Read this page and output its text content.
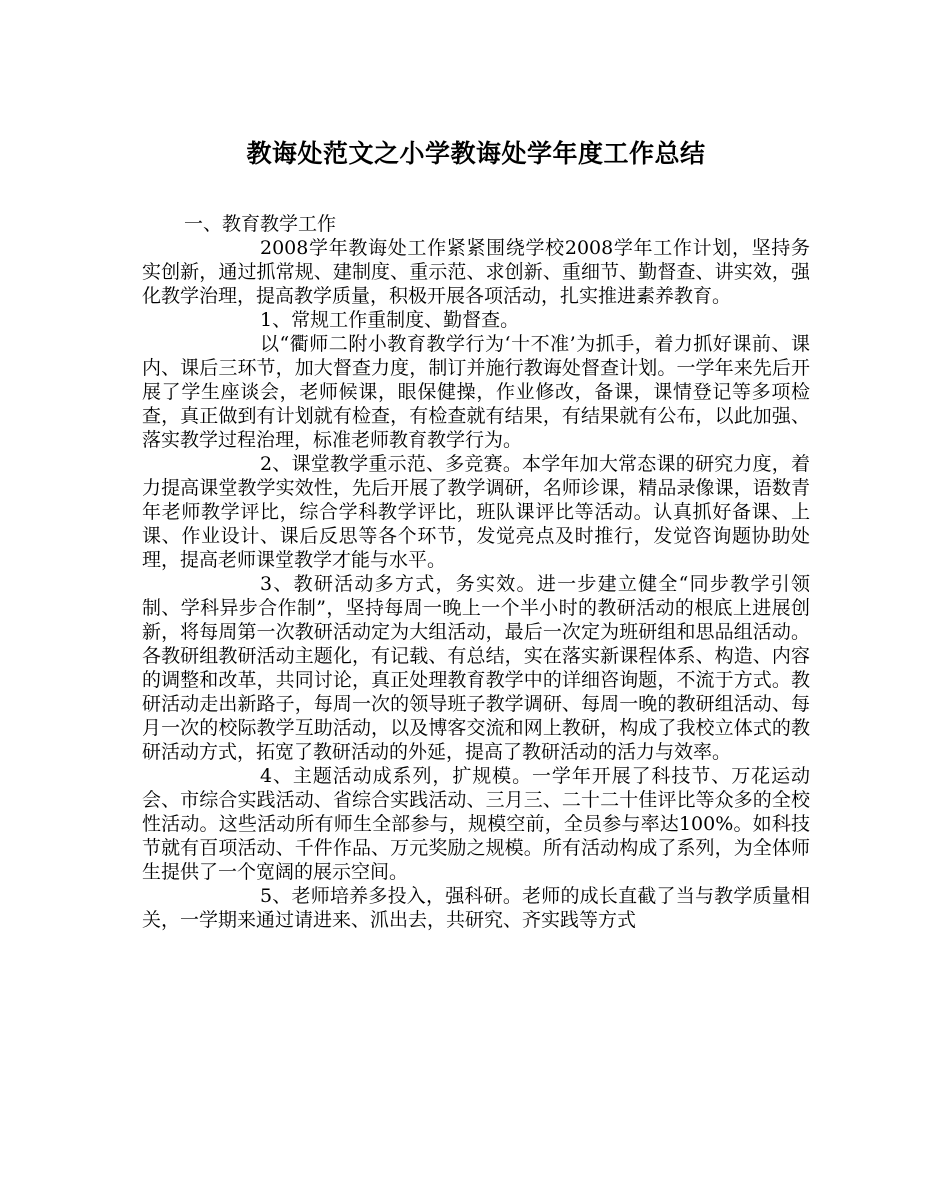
教诲处范文之小学教诲处学年度工作总结

一、教育教学工作

2008学年教诲处工作紧紧围绕学校2008学年工作计划，坚持务实创新，通过抓常规、建制度、重示范、求创新、重细节、勤督查、讲实效，强化教学治理，提高教学质量，积极开展各项活动，扎实推进素养教育。

1、常规工作重制度、勤督查。

以“衢师二附小教育教学行为‘十不准’为抓手，着力抓好课前、课内、课后三环节，加大督查力度，制订并施行教诲处督查计划。一学年来先后开展了学生座谈会，老师候课，眼保健操，作业修改，备课，课情登记等多项检查，真正做到有计划就有检查，有检查就有结果，有结果就有公布，以此加强、落实教学过程治理，标准老师教育教学行为。

2、课堂教学重示范、多竞赛。本学年加大常态课的研究力度，着力提高课堂教学实效性，先后开展了教学调研，名师诊课，精品录像课，语数青年老师教学评比，综合学科教学评比，班队课评比等活动。认真抓好备课、上课、作业设计、课后反思等各个环节，发觉亮点及时推行，发觉咨询题协助处理，提高老师课堂教学才能与水平。

3、教研活动多方式，务实效。进一步建立健全“同步教学引领制、学科异步合作制”，坚持每周一晚上一个半小时的教研活动的根底上进展创新，将每周第一次教研活动定为大组活动，最后一次定为班研组和思品组活动。各教研组教研活动主题化，有记载、有总结，实在落实新课程体系、构造、内容的调整和改革，共同讨论，真正处理教育教学中的详细咨询题，不流于方式。教研活动走出新路子，每周一次的领导班子教学调研、每周一晚的教研组活动、每月一次的校际教学互助活动，以及博客交流和网上教研，构成了我校立体式的教研活动方式，拓宽了教研活动的外延，提高了教研活动的活力与效率。

4、主题活动成系列，扩规模。一学年开展了科技节、万花运动会、市综合实践活动、省综合实践活动、三月三、二十二十佳评比等众多的全校性活动。这些活动所有师生全部参与，规模空前，全员参与率达100%。如科技节就有百项活动、千件作品、万元奖励之规模。所有活动构成了系列，为全体师生提供了一个宽阔的展示空间。

5、老师培养多投入，强科研。老师的成长直截了当与教学质量相关，一学期来通过请进来、沠出去，共研究、齐实践等方式
